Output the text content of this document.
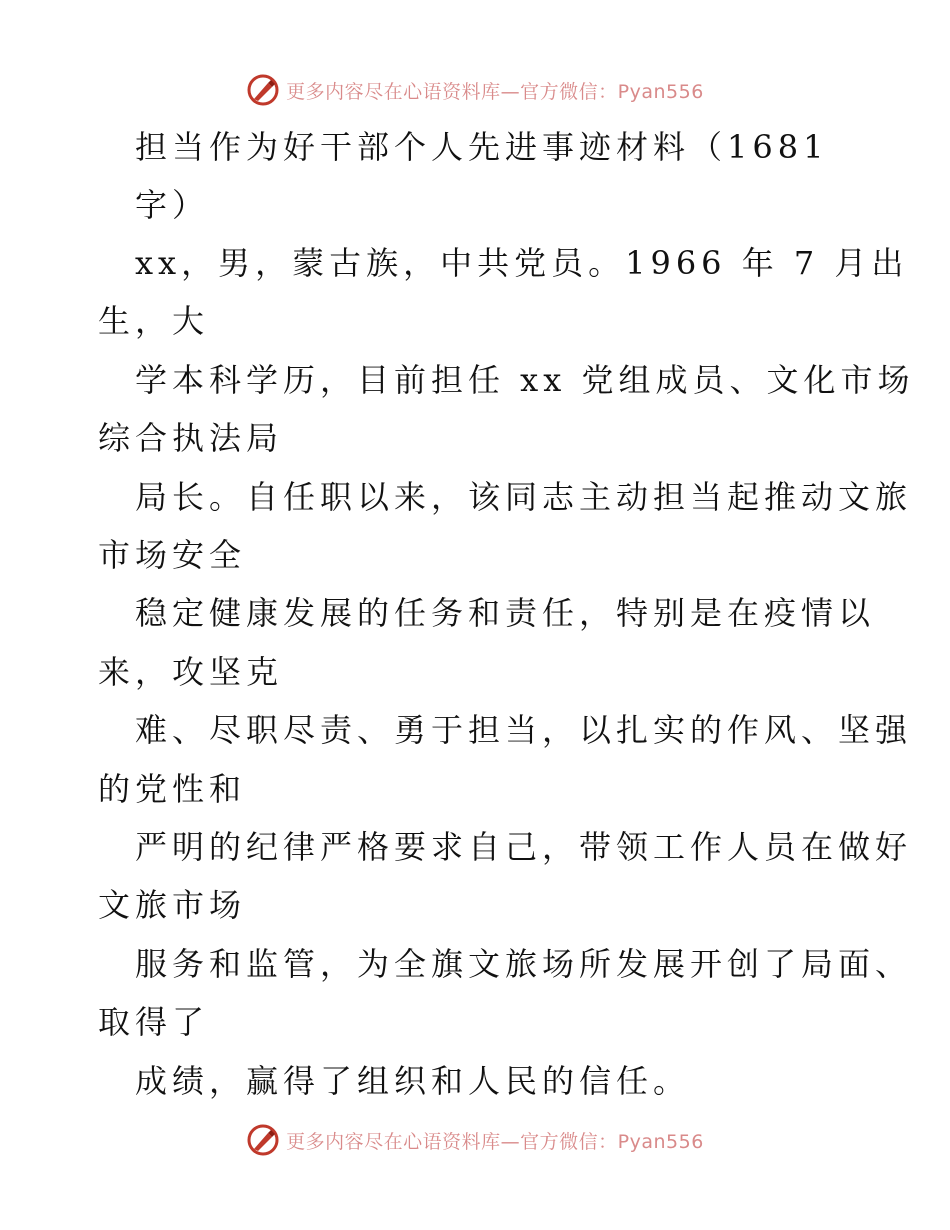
更多内容尽在心语资料库—官方微信：Pyan556
担当作为好干部个人先进事迹材料（1681
字）
xx，男，蒙古族，中共党员。1966 年 7 月出
生，大
学本科学历，目前担任 xx 党组成员、文化市场
综合执法局
局长。自任职以来，该同志主动担当起推动文旅
市场安全
稳定健康发展的任务和责任，特别是在疫情以
来，攻坚克
难、尽职尽责、勇于担当，以扎实的作风、坚强
的党性和
严明的纪律严格要求自己，带领工作人员在做好
文旅市场
服务和监管，为全旗文旅场所发展开创了局面、
取得了
成绩，赢得了组织和人民的信任。
更多内容尽在心语资料库—官方微信：Pyan556
